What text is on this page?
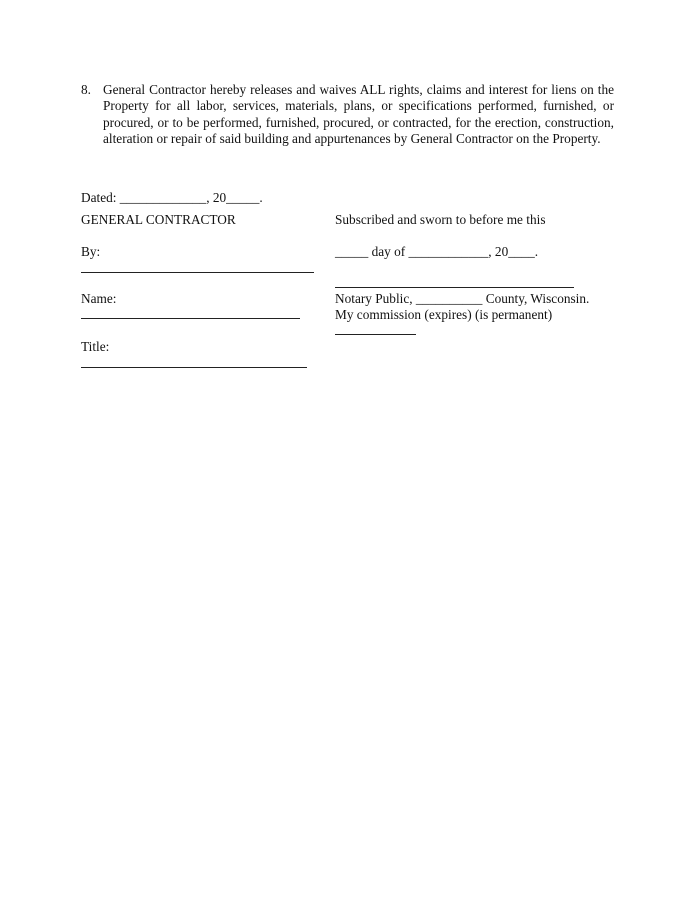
8. General Contractor hereby releases and waives ALL rights, claims and interest for liens on the Property for all labor, services, materials, plans, or specifications performed, furnished, or procured, or to be performed, furnished, procured, or contracted, for the erection, construction, alteration or repair of said building and appurtenances by General Contractor on the Property.
Dated: _____________, 20_____.
GENERAL CONTRACTOR
By:
Name:
Title:
Subscribed and sworn to before me this
_____ day of ____________, 20____.
Notary Public, __________ County, Wisconsin.
My commission (expires) (is permanent)
